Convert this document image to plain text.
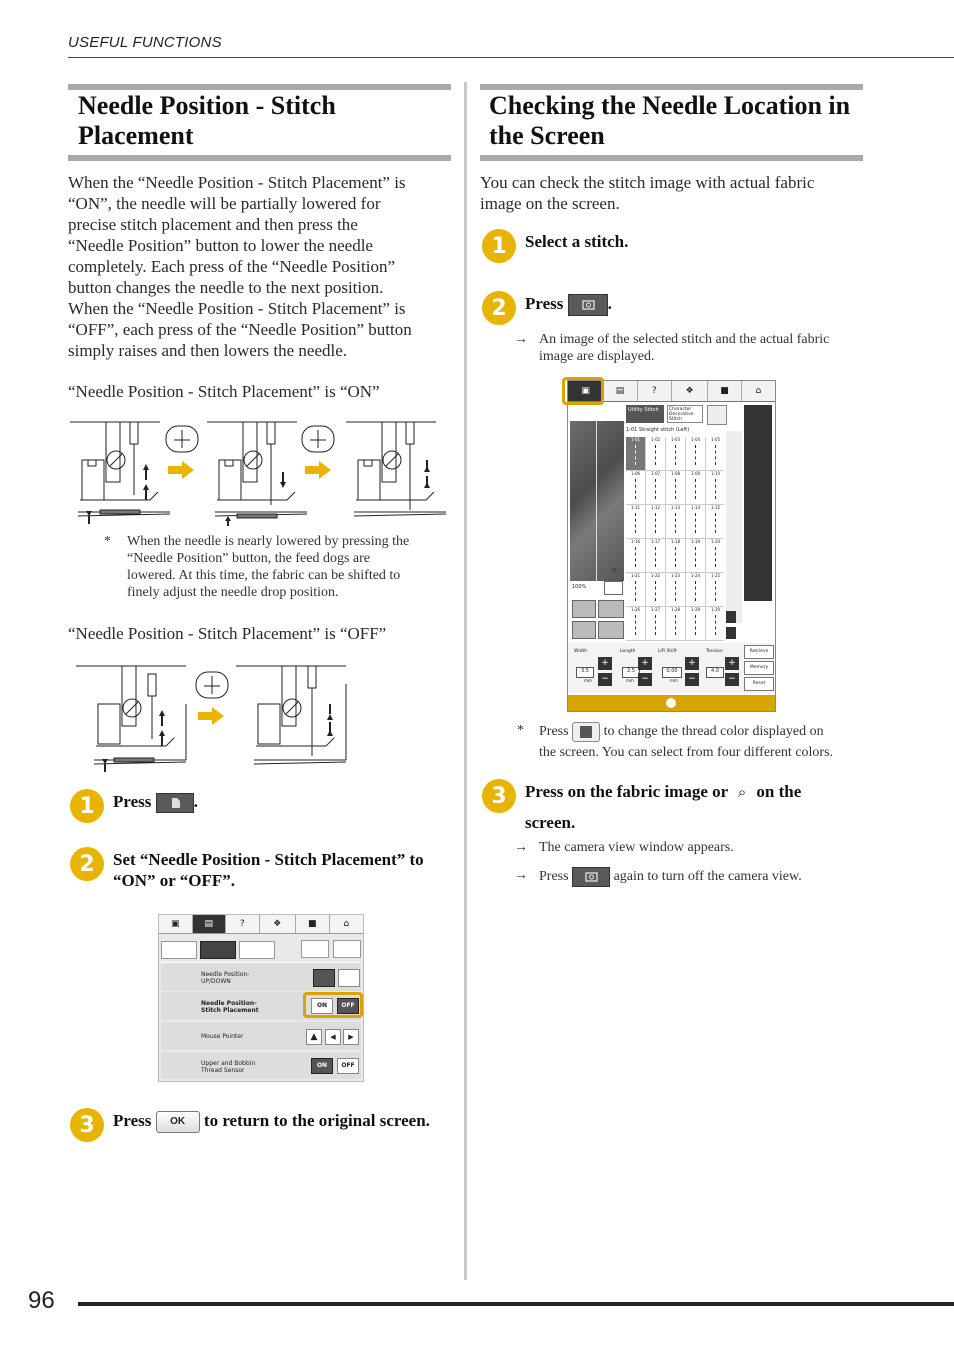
USEFUL FUNCTIONS
Needle Position - Stitch
Placement
When the “Needle Position - Stitch Placement” is
“ON”, the needle will be partially lowered for
precise stitch placement and then press the
“Needle Position” button to lower the needle
completely. Each press of the “Needle Position”
button changes the needle to the next position.
When the “Needle Position - Stitch Placement” is
“OFF”, each press of the “Needle Position” button
simply raises and then lowers the needle.
“Needle Position - Stitch Placement” is “ON”
* When the needle is nearly lowered by pressing the
“Needle Position” button, the feed dogs are
lowered. At this time, the fabric can be shifted to
finely adjust the needle drop position.
“Needle Position - Stitch Placement” is “OFF”
1	Press .
2	Set “Needle Position - Stitch Placement” to
“ON” or “OFF”.
▣	▤	?	❖	■	⌂
Needle Position-
UP/DOWN
Needle Position-
Stitch Placement
ON	OFF
Mouse Pointer	▲	◀	▶
Upper and Bobbin
Thread Sensor
ON	OFF
3	Press OK to return to the original screen.
Checking the Needle Location in
the Screen
You can check the stitch image with actual fabric
image on the screen.
1	Select a stitch.
2	Press	.
→ An image of the selected stitch and the actual fabric
image are displayed.
▣	▤	?	❖	■	⌂
100%
⌕
Utility Stitch	Character Decorative Stitch
1-01 Straight stitch (Left)
1-01	1-02	1-03	1-04	1-05
1-06	1-07	1-08	1-09	1-10
1-11	1-12	1-13	1-14	1-15
1-16	1-17	1-18	1-19	1-20
1-21	1-22	1-23	1-24	1-25
1-26	1-27	1-28	1-29	1-30
Width	Length	L/R Shift	Tension
3.5	2.5	0.00	4.0
mm	mm	mm
+
−
+
−
+
−
+
−
Retrieve
Memory
Reset
* Press	to change the thread color displayed on
the screen. You can select from four different colors.
3	Press on the fabric image or ⌕ on the
screen.
→ The camera view window appears.
→ Press	again to turn off the camera view.
96
